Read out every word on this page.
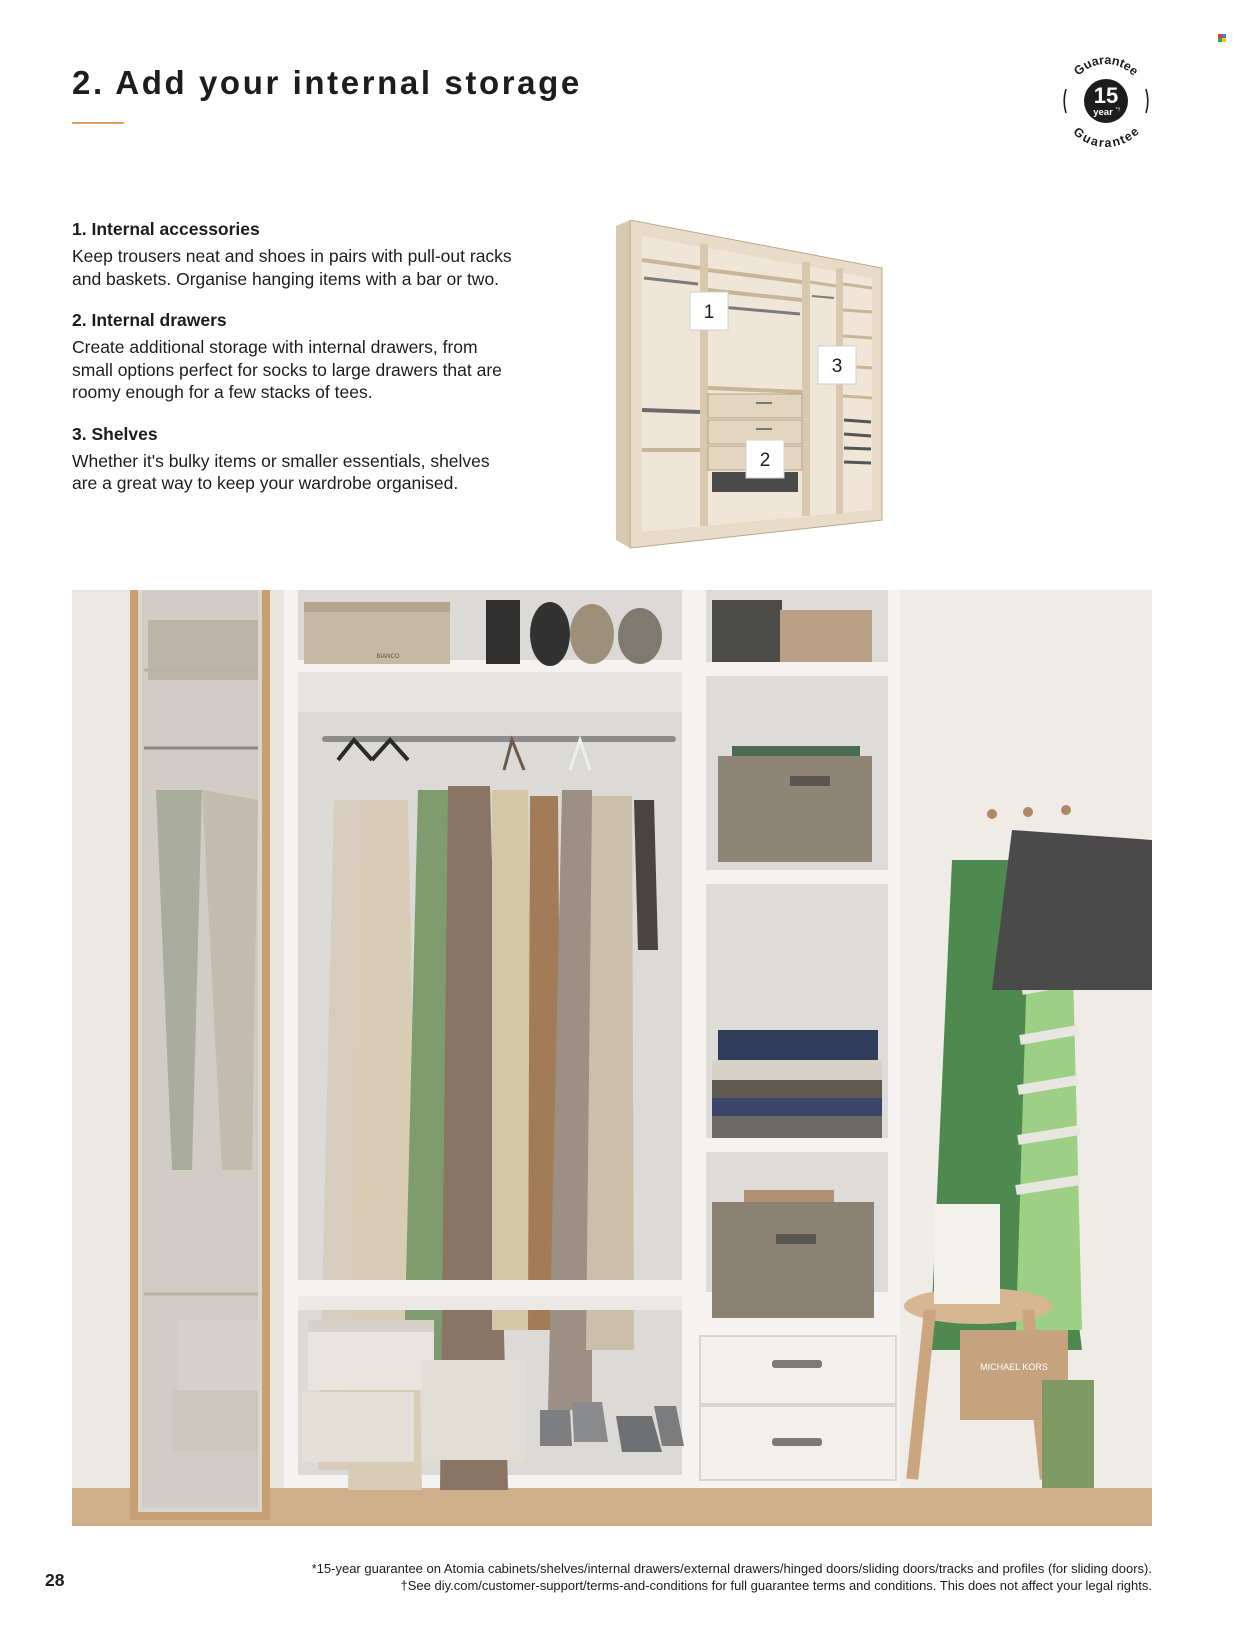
2. Add your internal storage	Guarantee
Guarantee
15
year *†
1. Internal accessories
Keep trousers neat and shoes in pairs with pull-out racks
and baskets. Organise hanging items with a bar or two.
2. Internal drawers
Create additional storage with internal drawers, from
small options perfect for socks to large drawers that are
roomy enough for a few stacks of tees.
3. Shelves
Whether it's bulky items or smaller essentials, shelves
are a great way to keep your wardrobe organised.
1
2
3
BIANCO
MICHAEL KORS
*15-year guarantee on Atomia cabinets/shelves/internal drawers/external drawers/hinged doors/sliding doors/tracks and profiles (for sliding doors).
†See diy.com/customer-support/terms-and-conditions for full guarantee terms and conditions. This does not affect your legal rights.
28
